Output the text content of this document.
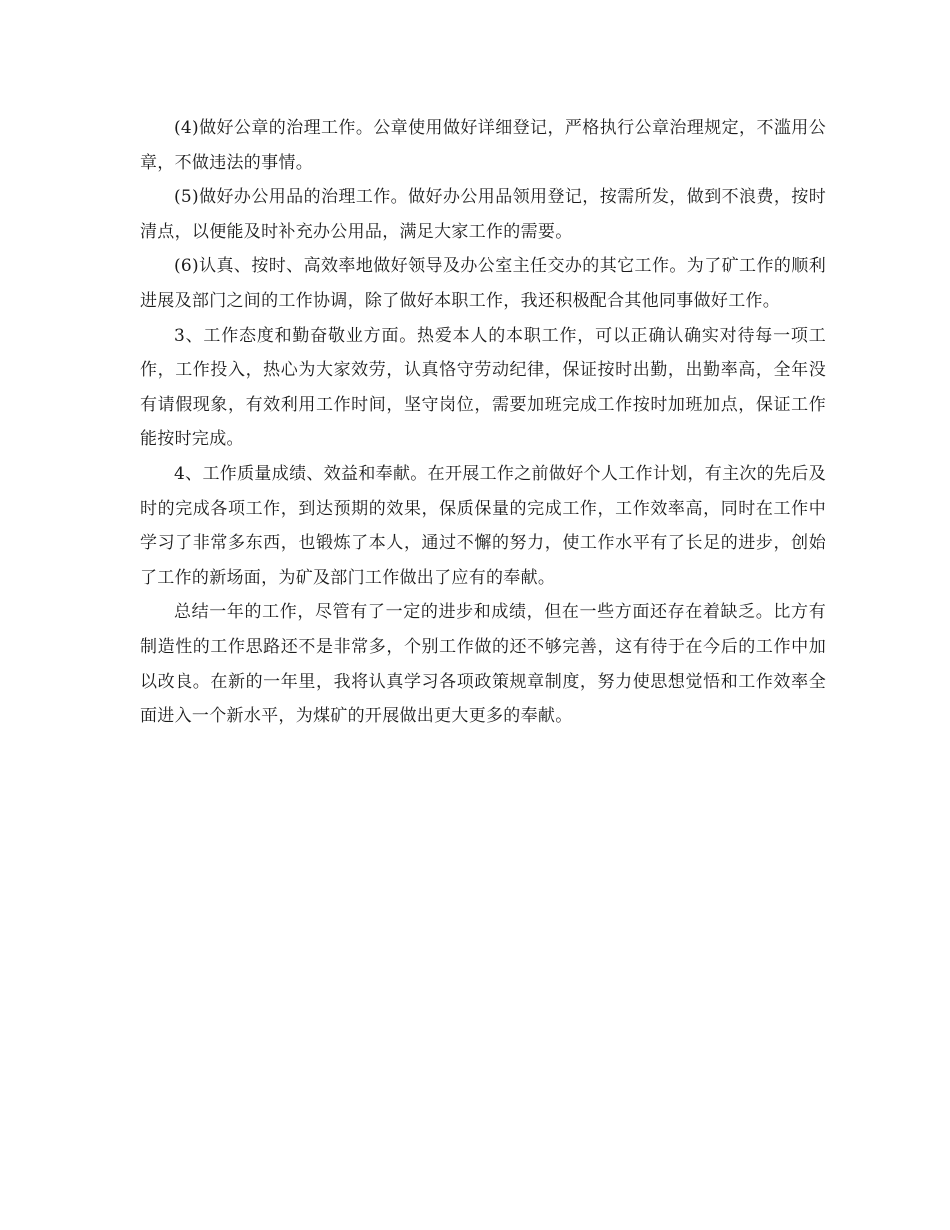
(4)做好公章的治理工作。公章使用做好详细登记，严格执行公章治理规定，不滥用公章，不做违法的事情。

(5)做好办公用品的治理工作。做好办公用品领用登记，按需所发，做到不浪费，按时清点，以便能及时补充办公用品，满足大家工作的需要。

(6)认真、按时、高效率地做好领导及办公室主任交办的其它工作。为了矿工作的顺利进展及部门之间的工作协调，除了做好本职工作，我还积极配合其他同事做好工作。

3、工作态度和勤奋敬业方面。热爱本人的本职工作，可以正确认确实对待每一项工作，工作投入，热心为大家效劳，认真恪守劳动纪律，保证按时出勤，出勤率高，全年没有请假现象，有效利用工作时间，坚守岗位，需要加班完成工作按时加班加点，保证工作能按时完成。

4、工作质量成绩、效益和奉献。在开展工作之前做好个人工作计划，有主次的先后及时的完成各项工作，到达预期的效果，保质保量的完成工作，工作效率高，同时在工作中学习了非常多东西，也锻炼了本人，通过不懈的努力，使工作水平有了长足的进步，创始了工作的新场面，为矿及部门工作做出了应有的奉献。

总结一年的工作，尽管有了一定的进步和成绩，但在一些方面还存在着缺乏。比方有制造性的工作思路还不是非常多，个别工作做的还不够完善，这有待于在今后的工作中加以改良。在新的一年里，我将认真学习各项政策规章制度，努力使思想觉悟和工作效率全面进入一个新水平，为煤矿的开展做出更大更多的奉献。
